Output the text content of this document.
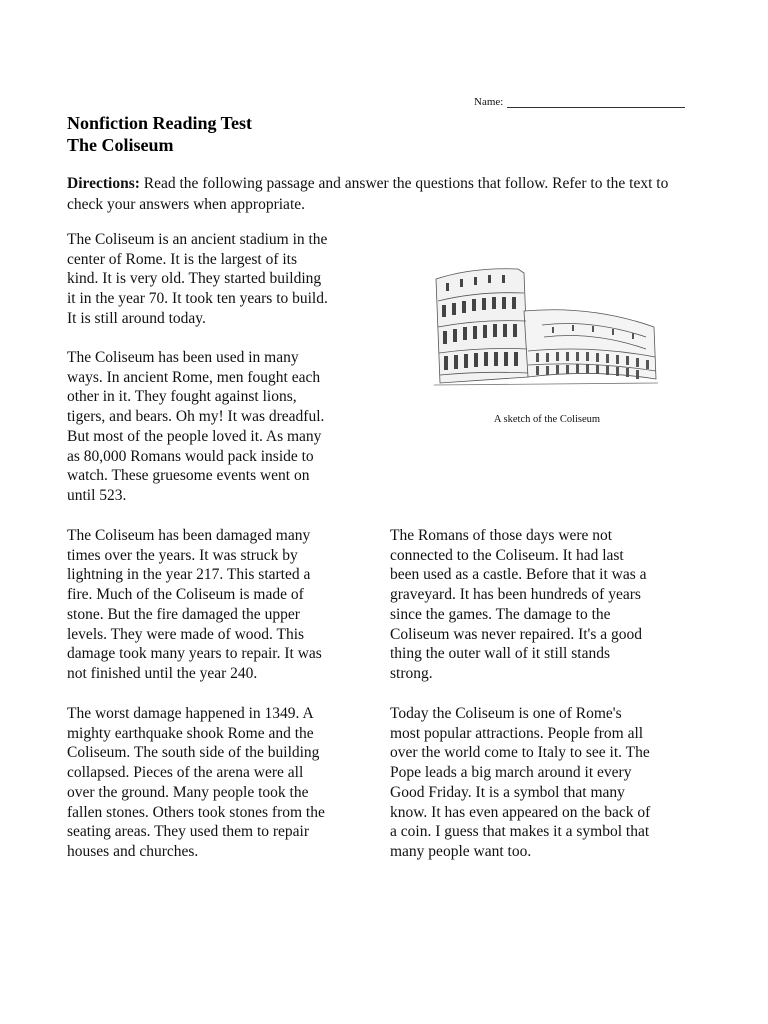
Name:
Nonfiction Reading Test
The Coliseum
Directions: Read the following passage and answer the questions that follow. Refer to the text to check your answers when appropriate.

The Coliseum is an ancient stadium in the
center of Rome. It is the largest of its
kind. It is very old. They started building
it in the year 70. It took ten years to build.
It is still around today.

The Coliseum has been used in many
ways. In ancient Rome, men fought each
other in it. They fought against lions,
tigers, and bears. Oh my! It was dreadful.
But most of the people loved it. As many
as 80,000 Romans would pack inside to
watch. These gruesome events went on
until 523.

The Coliseum has been damaged many
times over the years. It was struck by
lightning in the year 217. This started a
fire. Much of the Coliseum is made of
stone. But the fire damaged the upper
levels. They were made of wood. This
damage took many years to repair. It was
not finished until the year 240.

The Romans of those days were not
connected to the Coliseum. It had last
been used as a castle. Before that it was a
graveyard. It has been hundreds of years
since the games. The damage to the
Coliseum was never repaired. It's a good
thing the outer wall of it still stands
strong.

The worst damage happened in 1349. A
mighty earthquake shook Rome and the
Coliseum. The south side of the building
collapsed. Pieces of the arena were all
over the ground. Many people took the
fallen stones. Others took stones from the
seating areas. They used them to repair
houses and churches.

Today the Coliseum is one of Rome's
most popular attractions. People from all
over the world come to Italy to see it. The
Pope leads a big march around it every
Good Friday. It is a symbol that many
know. It has even appeared on the back of
a coin. I guess that makes it a symbol that
many people want too.

A sketch of the Coliseum
